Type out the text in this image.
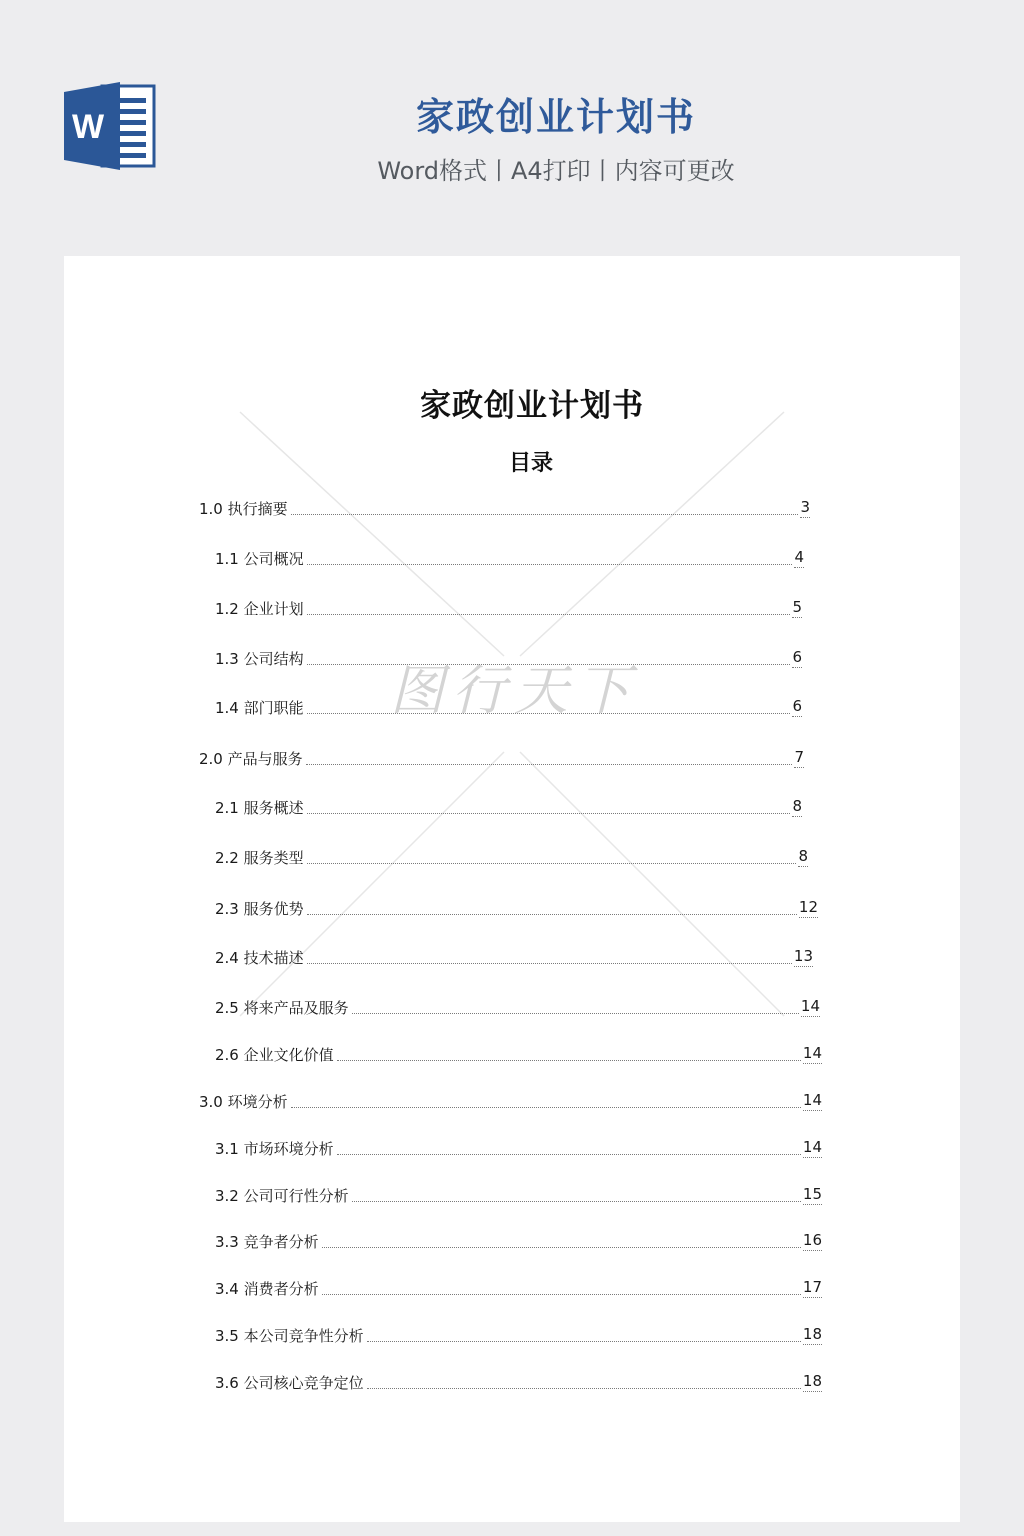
W	家政创业计划书
Word格式丨A4打印丨内容可更改
图行天下
家政创业计划书
目录
1.0 执行摘要	3
1.1 公司概况	4
1.2 企业计划	5
1.3 公司结构	6
1.4 部门职能	6
2.0 产品与服务	7
2.1 服务概述	8
2.2 服务类型	8
2.3 服务优势	12
2.4 技术描述	13
2.5 将来产品及服务	14
2.6 企业文化价值	14
3.0 环境分析	14
3.1 市场环境分析	14
3.2 公司可行性分析	15
3.3 竞争者分析	16
3.4 消费者分析	17
3.5 本公司竞争性分析	18
3.6 公司核心竞争定位	18
